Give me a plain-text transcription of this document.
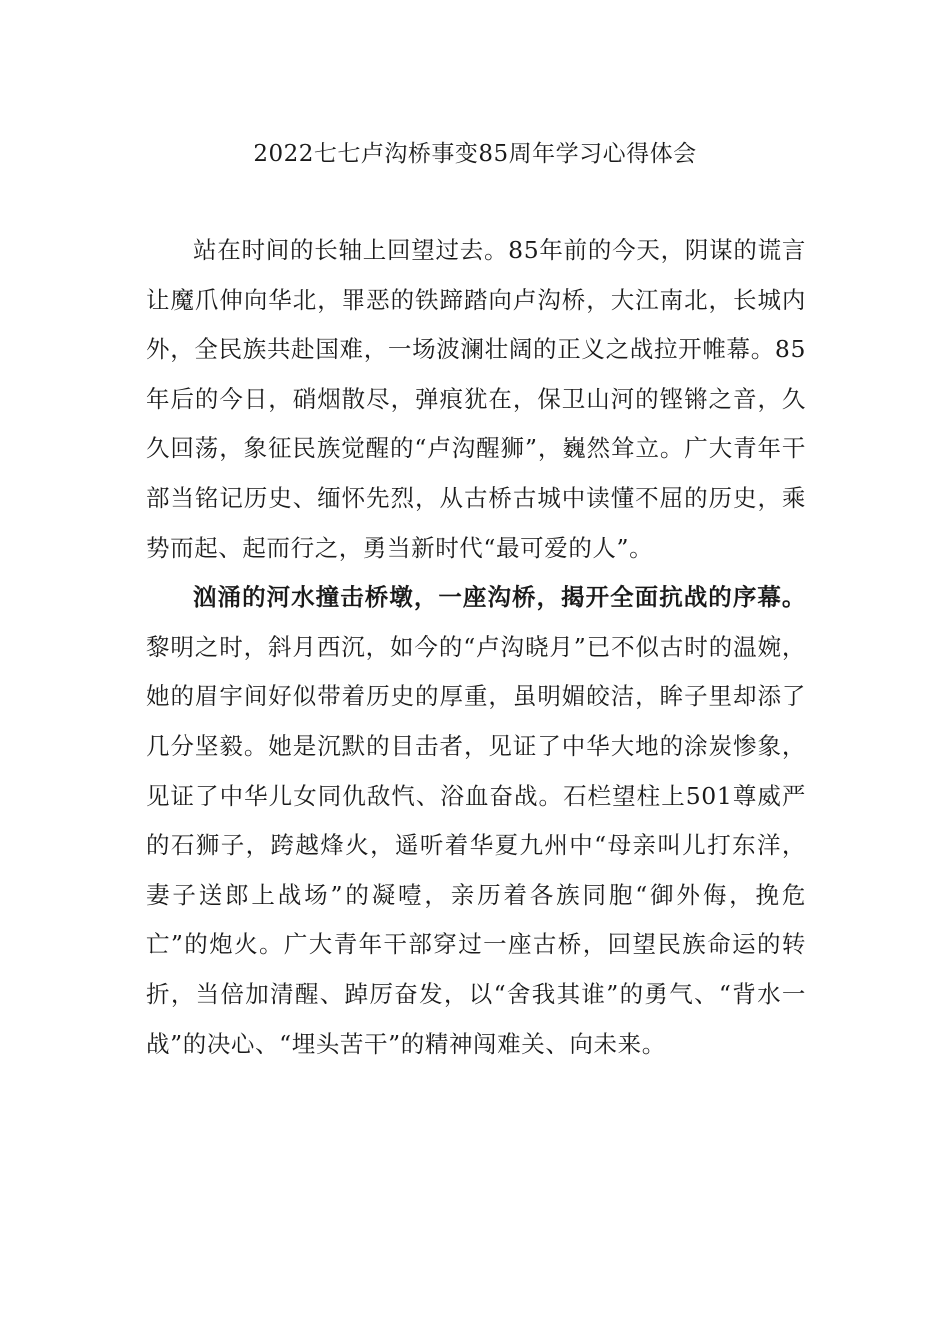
2022七七卢沟桥事变85周年学习心得体会

站在时间的长轴上回望过去。85年前的今天，阴谋的谎言让魔爪伸向华北，罪恶的铁蹄踏向卢沟桥，大江南北，长城内外，全民族共赴国难，一场波澜壮阔的正义之战拉开帷幕。85年后的今日，硝烟散尽，弹痕犹在，保卫山河的铿锵之音，久久回荡，象征民族觉醒的“卢沟醒狮”，巍然耸立。广大青年干部当铭记历史、缅怀先烈，从古桥古城中读懂不屈的历史，乘势而起、起而行之，勇当新时代“最可爱的人”。

汹涌的河水撞击桥墩，一座沟桥，揭开全面抗战的序幕。黎明之时，斜月西沉，如今的“卢沟晓月”已不似古时的温婉，她的眉宇间好似带着历史的厚重，虽明媚皎洁，眸子里却添了几分坚毅。她是沉默的目击者，见证了中华大地的涂炭惨象，见证了中华儿女同仇敌忾、浴血奋战。石栏望柱上501尊威严的石狮子，跨越烽火，遥听着华夏九州中“母亲叫儿打东洋，妻子送郎上战场”的凝噎，亲历着各族同胞“御外侮，挽危亡”的炮火。广大青年干部穿过一座古桥，回望民族命运的转折，当倍加清醒、踔厉奋发，以“舍我其谁”的勇气、“背水一战”的决心、“埋头苦干”的精神闯难关、向未来。
